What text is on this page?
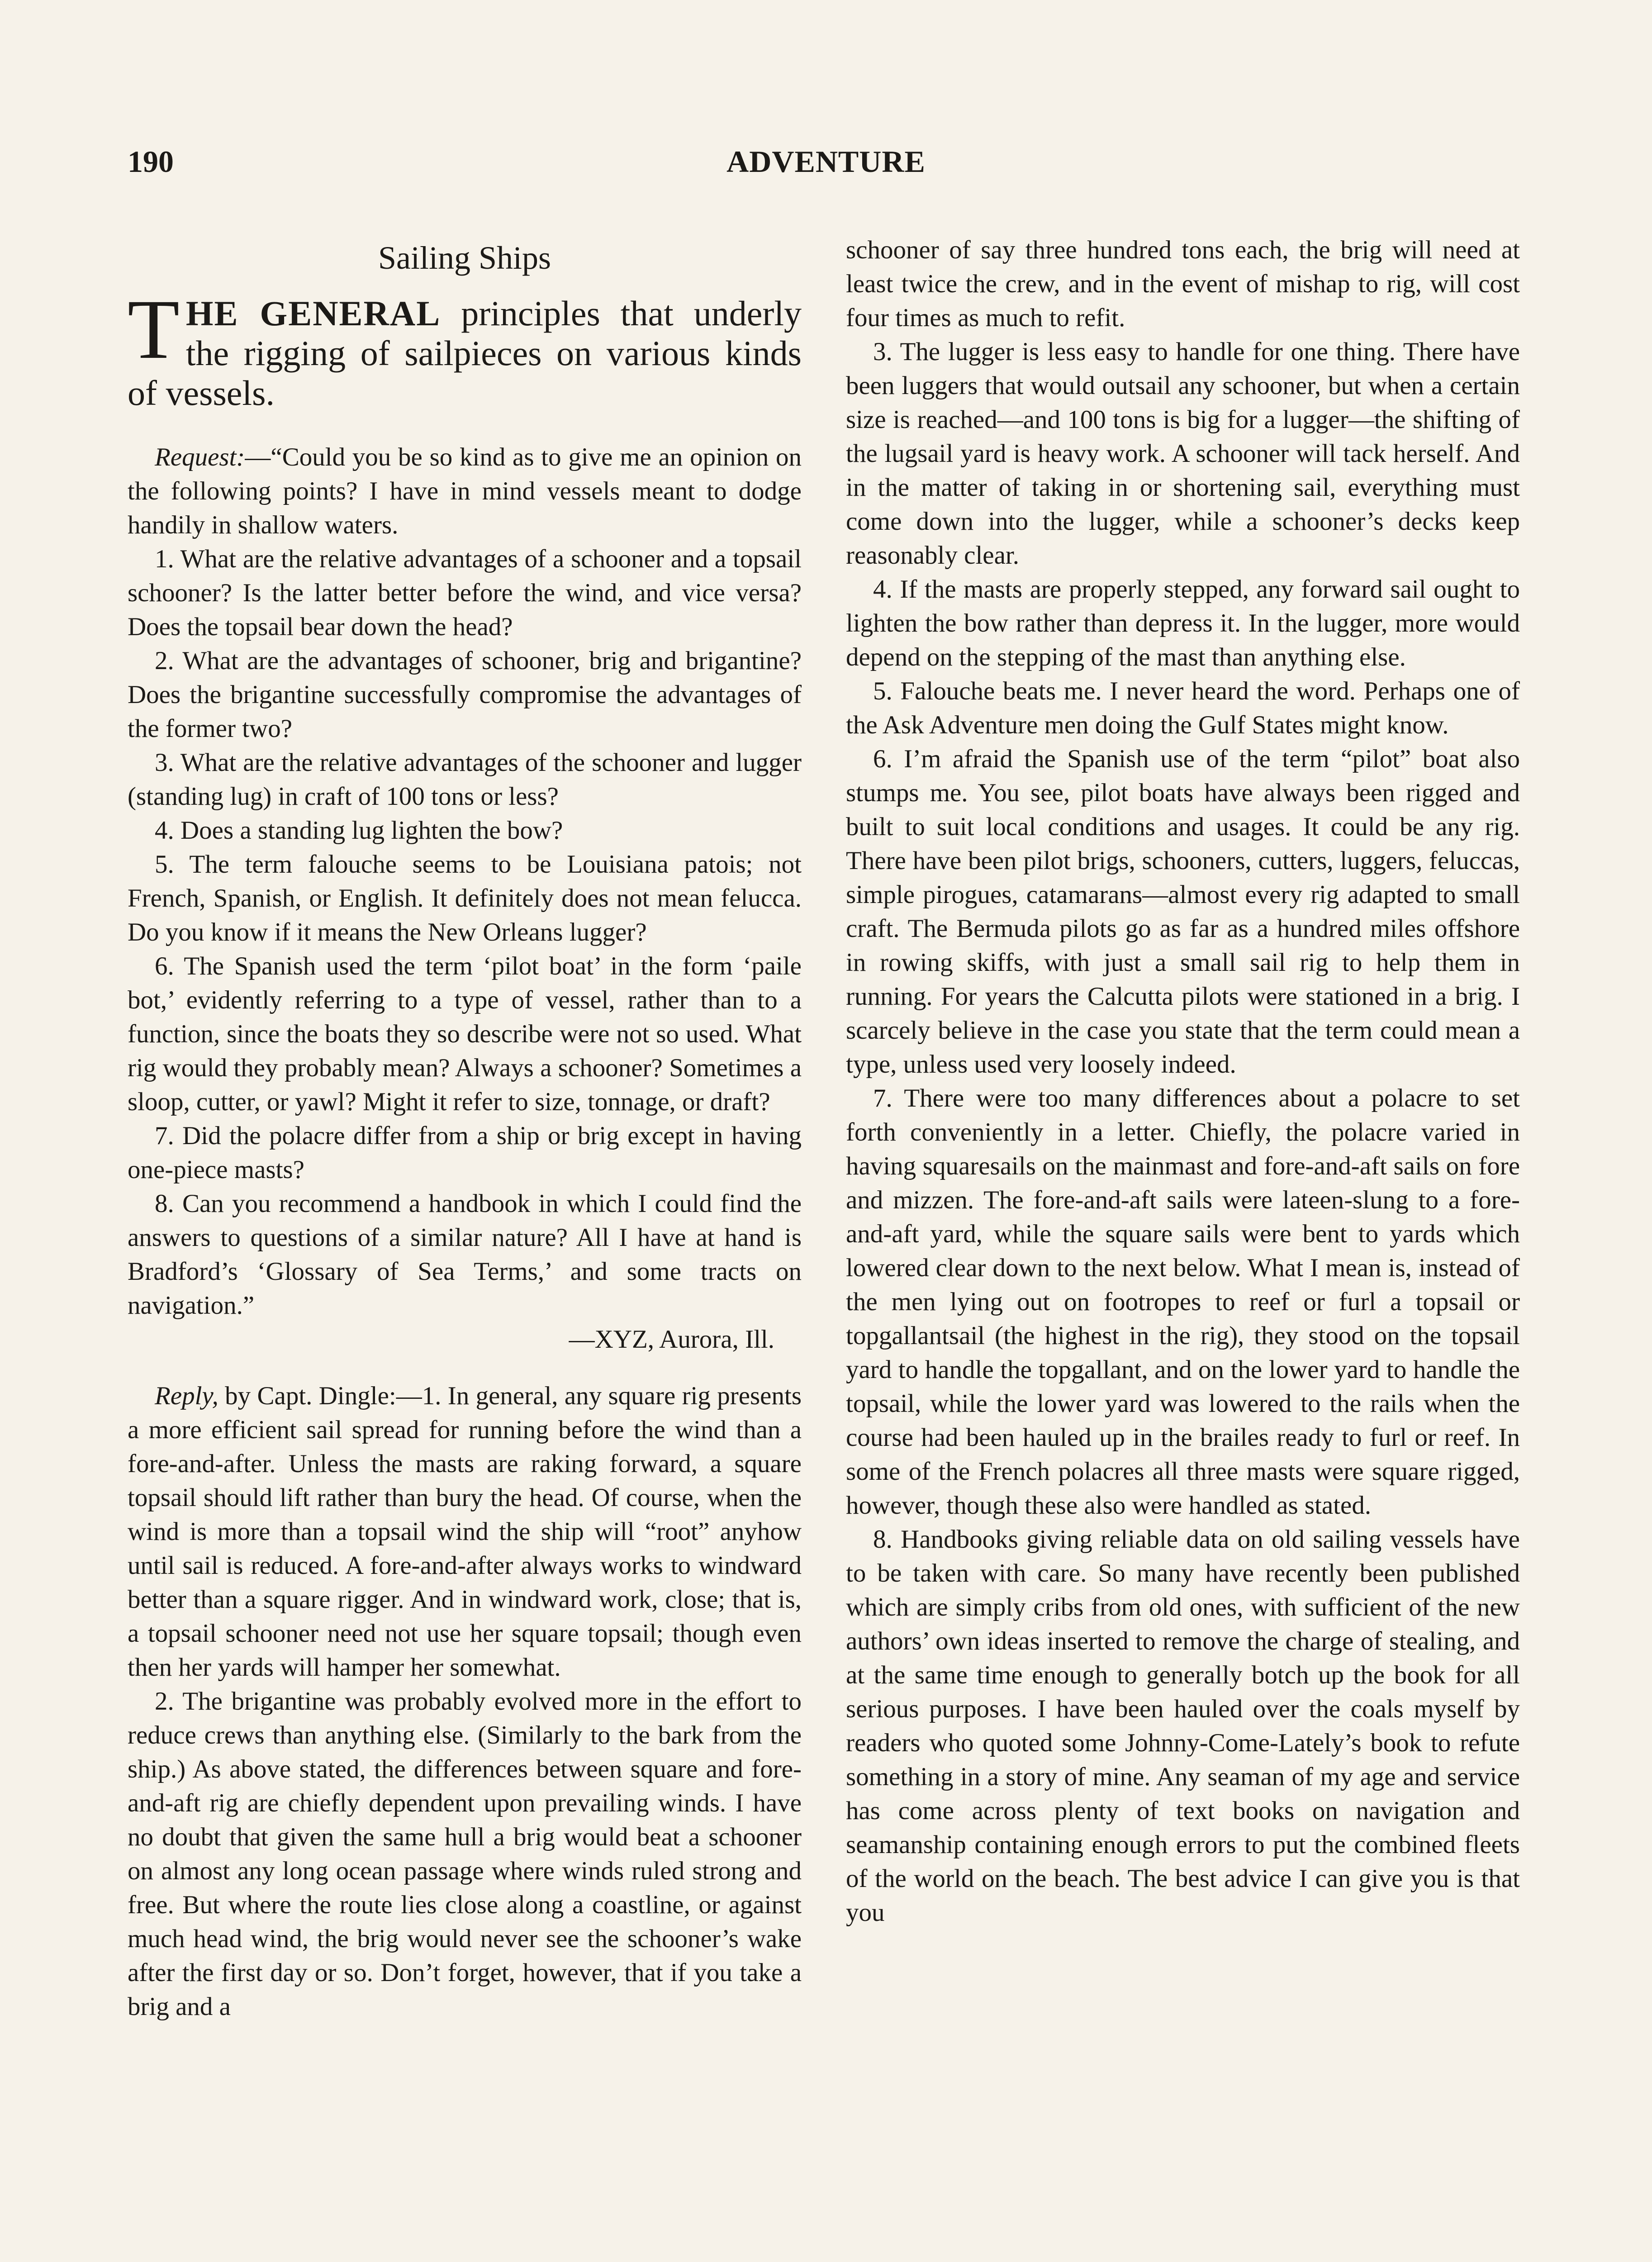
190	ADVENTURE
Sailing Ships
THE GENERAL principles that underly the rigging of sailpieces on various kinds of vessels.

Request:—“Could you be so kind as to give me an opinion on the following points? I have in mind vessels meant to dodge handily in shallow waters.

1. What are the relative advantages of a schooner and a topsail schooner? Is the latter better before the wind, and vice versa? Does the topsail bear down the head?

2. What are the advantages of schooner, brig and brigantine? Does the brigantine successfully compromise the advantages of the former two?

3. What are the relative advantages of the schooner and lugger (standing lug) in craft of 100 tons or less?

4. Does a standing lug lighten the bow?

5. The term falouche seems to be Louisiana patois; not French, Spanish, or English. It definitely does not mean felucca. Do you know if it means the New Orleans lugger?

6. The Spanish used the term ‘pilot boat’ in the form ‘paile bot,’ evidently referring to a type of vessel, rather than to a function, since the boats they so describe were not so used. What rig would they probably mean? Always a schooner? Sometimes a sloop, cutter, or yawl? Might it refer to size, tonnage, or draft?

7. Did the polacre differ from a ship or brig except in having one-piece masts?

8. Can you recommend a handbook in which I could find the answers to questions of a similar nature? All I have at hand is Bradford’s ‘Glossary of Sea Terms,’ and some tracts on navigation.”

—XYZ, Aurora, Ill.

Reply, by Capt. Dingle:—1. In general, any square rig presents a more efficient sail spread for running before the wind than a fore-and-after. Unless the masts are raking forward, a square topsail should lift rather than bury the head. Of course, when the wind is more than a topsail wind the ship will “root” anyhow until sail is reduced. A fore-and-after always works to windward better than a square rigger. And in windward work, close; that is, a topsail schooner need not use her square topsail; though even then her yards will hamper her somewhat.

2. The brigantine was probably evolved more in the effort to reduce crews than anything else. (Similarly to the bark from the ship.) As above stated, the differences between square and fore-and-aft rig are chiefly dependent upon prevailing winds. I have no doubt that given the same hull a brig would beat a schooner on almost any long ocean passage where winds ruled strong and free. But where the route lies close along a coastline, or against much head wind, the brig would never see the schooner’s wake after the first day or so. Don’t forget, however, that if you take a brig and a

schooner of say three hundred tons each, the brig will need at least twice the crew, and in the event of mishap to rig, will cost four times as much to refit.

3. The lugger is less easy to handle for one thing. There have been luggers that would outsail any schooner, but when a certain size is reached—and 100 tons is big for a lugger—the shifting of the lugsail yard is heavy work. A schooner will tack herself. And in the matter of taking in or shortening sail, everything must come down into the lugger, while a schooner’s decks keep reasonably clear.

4. If the masts are properly stepped, any forward sail ought to lighten the bow rather than depress it. In the lugger, more would depend on the stepping of the mast than anything else.

5. Falouche beats me. I never heard the word. Perhaps one of the Ask Adventure men doing the Gulf States might know.

6. I’m afraid the Spanish use of the term “pilot” boat also stumps me. You see, pilot boats have always been rigged and built to suit local conditions and usages. It could be any rig. There have been pilot brigs, schooners, cutters, luggers, feluccas, simple pirogues, catamarans—almost every rig adapted to small craft. The Bermuda pilots go as far as a hundred miles offshore in rowing skiffs, with just a small sail rig to help them in running. For years the Calcutta pilots were stationed in a brig. I scarcely believe in the case you state that the term could mean a type, unless used very loosely indeed.

7. There were too many differences about a polacre to set forth conveniently in a letter. Chiefly, the polacre varied in having squaresails on the mainmast and fore-and-aft sails on fore and mizzen. The fore-and-aft sails were lateen-slung to a fore-and-aft yard, while the square sails were bent to yards which lowered clear down to the next below. What I mean is, instead of the men lying out on footropes to reef or furl a topsail or topgallantsail (the highest in the rig), they stood on the topsail yard to handle the topgallant, and on the lower yard to handle the topsail, while the lower yard was lowered to the rails when the course had been hauled up in the brailes ready to furl or reef. In some of the French polacres all three masts were square rigged, however, though these also were handled as stated.

8. Handbooks giving reliable data on old sailing vessels have to be taken with care. So many have recently been published which are simply cribs from old ones, with sufficient of the new authors’ own ideas inserted to remove the charge of stealing, and at the same time enough to generally botch up the book for all serious purposes. I have been hauled over the coals myself by readers who quoted some Johnny-Come-Lately’s book to refute something in a story of mine. Any seaman of my age and service has come across plenty of text books on navigation and seamanship containing enough errors to put the combined fleets of the world on the beach. The best advice I can give you is that you
